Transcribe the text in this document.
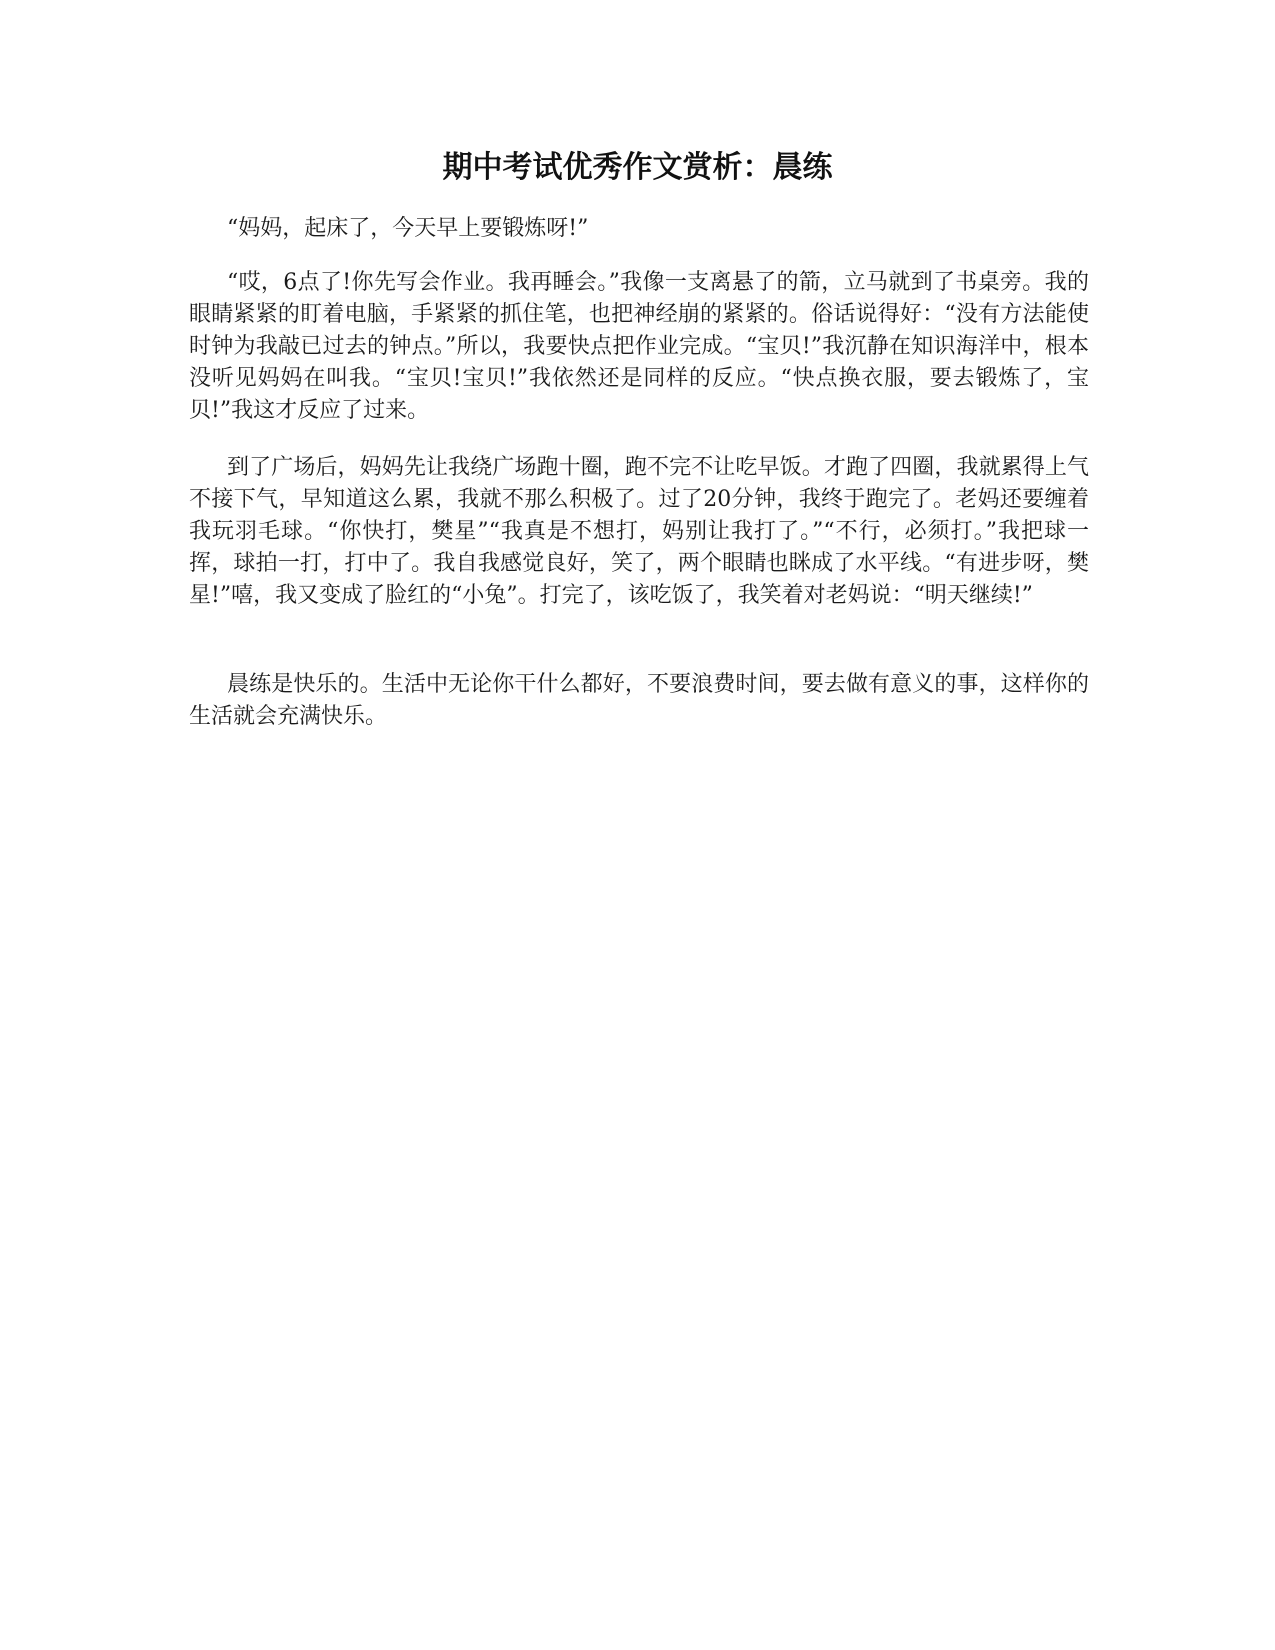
期中考试优秀作文赏析：晨练

“妈妈，起床了，今天早上要锻炼呀!”

“哎，6点了!你先写会作业。我再睡会。”我像一支离悬了的箭，立马就到了书桌旁。我的眼睛紧紧的盯着电脑，手紧紧的抓住笔，也把神经崩的紧紧的。俗话说得好：“没有方法能使时钟为我敲已过去的钟点。”所以，我要快点把作业完成。“宝贝!”我沉静在知识海洋中，根本没听见妈妈在叫我。“宝贝!宝贝!”我依然还是同样的反应。“快点换衣服，要去锻炼了，宝贝!”我这才反应了过来。

到了广场后，妈妈先让我绕广场跑十圈，跑不完不让吃早饭。才跑了四圈，我就累得上气不接下气，早知道这么累，我就不那么积极了。过了20分钟，我终于跑完了。老妈还要缠着我玩羽毛球。“你快打，樊星”“我真是不想打，妈别让我打了。”“不行，必须打。”我把球一挥，球拍一打，打中了。我自我感觉良好，笑了，两个眼睛也眯成了水平线。“有进步呀，樊星!”嘻，我又变成了脸红的“小兔”。打完了，该吃饭了，我笑着对老妈说：“明天继续!”

晨练是快乐的。生活中无论你干什么都好，不要浪费时间，要去做有意义的事，这样你的生活就会充满快乐。
